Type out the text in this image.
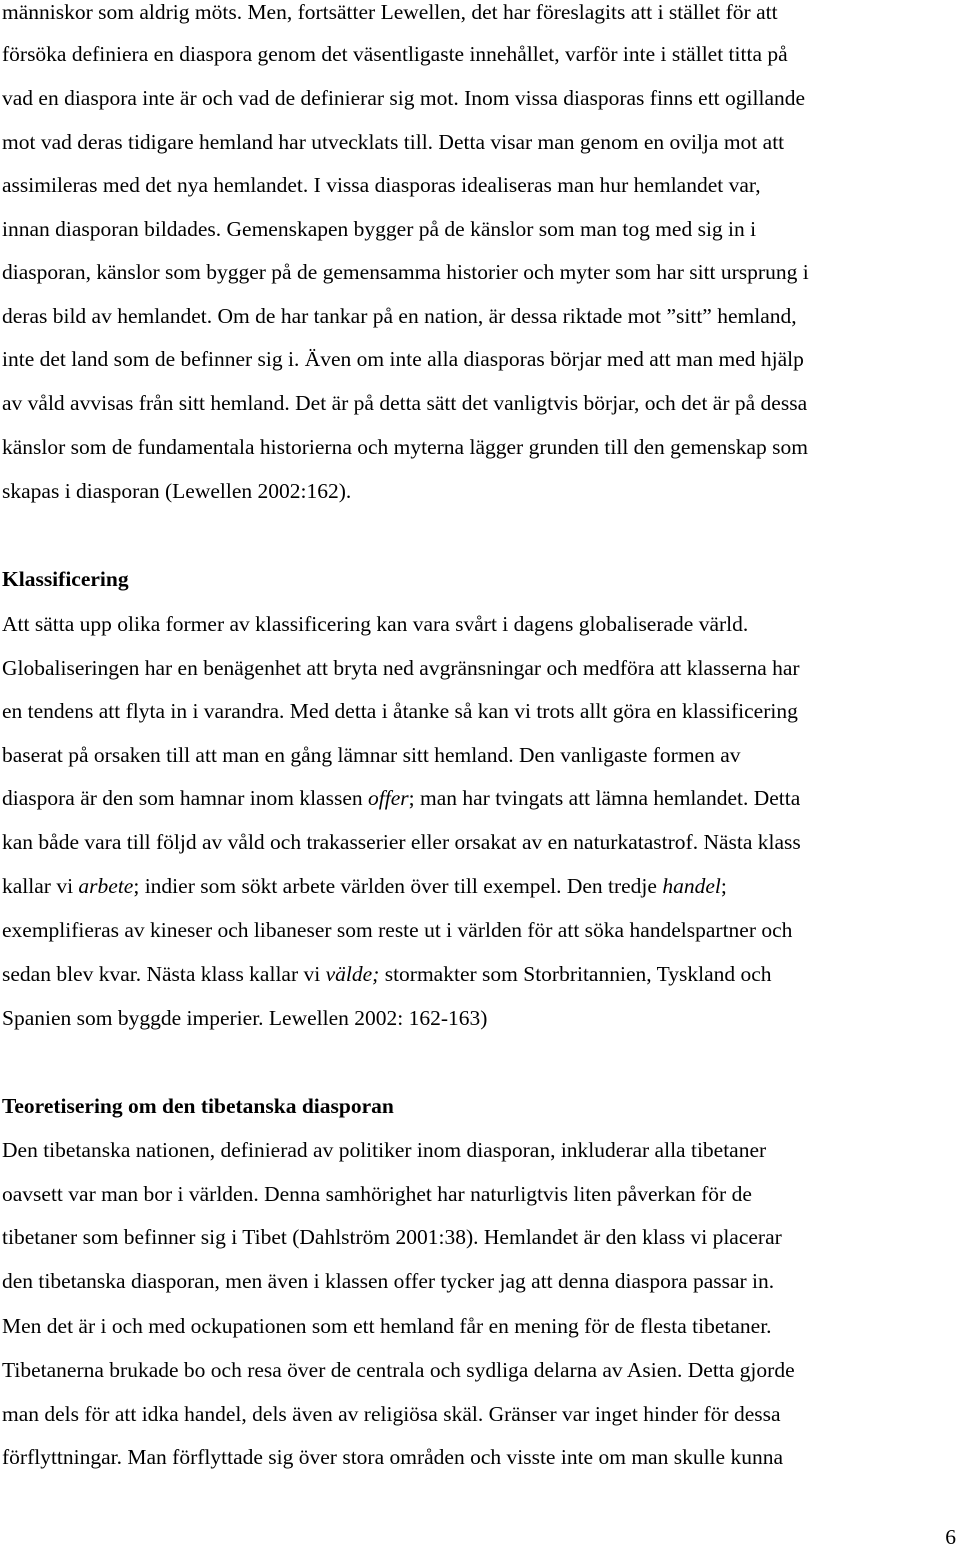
människor som aldrig möts. Men, fortsätter Lewellen, det har föreslagits att i stället för att

försöka definiera en diaspora genom det väsentligaste innehållet, varför inte i stället titta på

vad en diaspora inte är och vad de definierar sig mot. Inom vissa diasporas finns ett ogillande

mot vad deras tidigare hemland har utvecklats till. Detta visar man genom en ovilja mot att

assimileras med det nya hemlandet. I vissa diasporas idealiseras man hur hemlandet var,

innan diasporan bildades. Gemenskapen bygger på de känslor som man tog med sig in i

diasporan, känslor som bygger på de gemensamma historier och myter som har sitt ursprung i

deras bild av hemlandet. Om de har tankar på en nation, är dessa riktade mot ”sitt” hemland,

inte det land som de befinner sig i. Även om inte alla diasporas börjar med att man med hjälp

av våld avvisas från sitt hemland. Det är på detta sätt det vanligtvis börjar, och det är på dessa

känslor som de fundamentala historierna och myterna lägger grunden till den gemenskap som

skapas i diasporan (Lewellen 2002:162).

Klassificering

Att sätta upp olika former av klassificering kan vara svårt i dagens globaliserade värld.

Globaliseringen har en benägenhet att bryta ned avgränsningar och medföra att klasserna har

en tendens att flyta in i varandra. Med detta i åtanke så kan vi trots allt göra en klassificering

baserat på orsaken till att man en gång lämnar sitt hemland. Den vanligaste formen av

diaspora är den som hamnar inom klassen offer; man har tvingats att lämna hemlandet. Detta

kan både vara till följd av våld och trakasserier eller orsakat av en naturkatastrof. Nästa klass

kallar vi arbete; indier som sökt arbete världen över till exempel. Den tredje handel;

exemplifieras av kineser och libaneser som reste ut i världen för att söka handelspartner och

sedan blev kvar. Nästa klass kallar vi välde; stormakter som Storbritannien, Tyskland och

Spanien som byggde imperier. Lewellen 2002: 162-163)

Teoretisering om den tibetanska diasporan

Den tibetanska nationen, definierad av politiker inom diasporan, inkluderar alla tibetaner

oavsett var man bor i världen. Denna samhörighet har naturligtvis liten påverkan för de

tibetaner som befinner sig i Tibet (Dahlström 2001:38). Hemlandet är den klass vi placerar

den tibetanska diasporan, men även i klassen offer tycker jag att denna diaspora passar in.

Men det är i och med ockupationen som ett hemland får en mening för de flesta tibetaner.

Tibetanerna brukade bo och resa över de centrala och sydliga delarna av Asien. Detta gjorde

man dels för att idka handel, dels även av religiösa skäl. Gränser var inget hinder för dessa

förflyttningar. Man förflyttade sig över stora områden och visste inte om man skulle kunna

6
